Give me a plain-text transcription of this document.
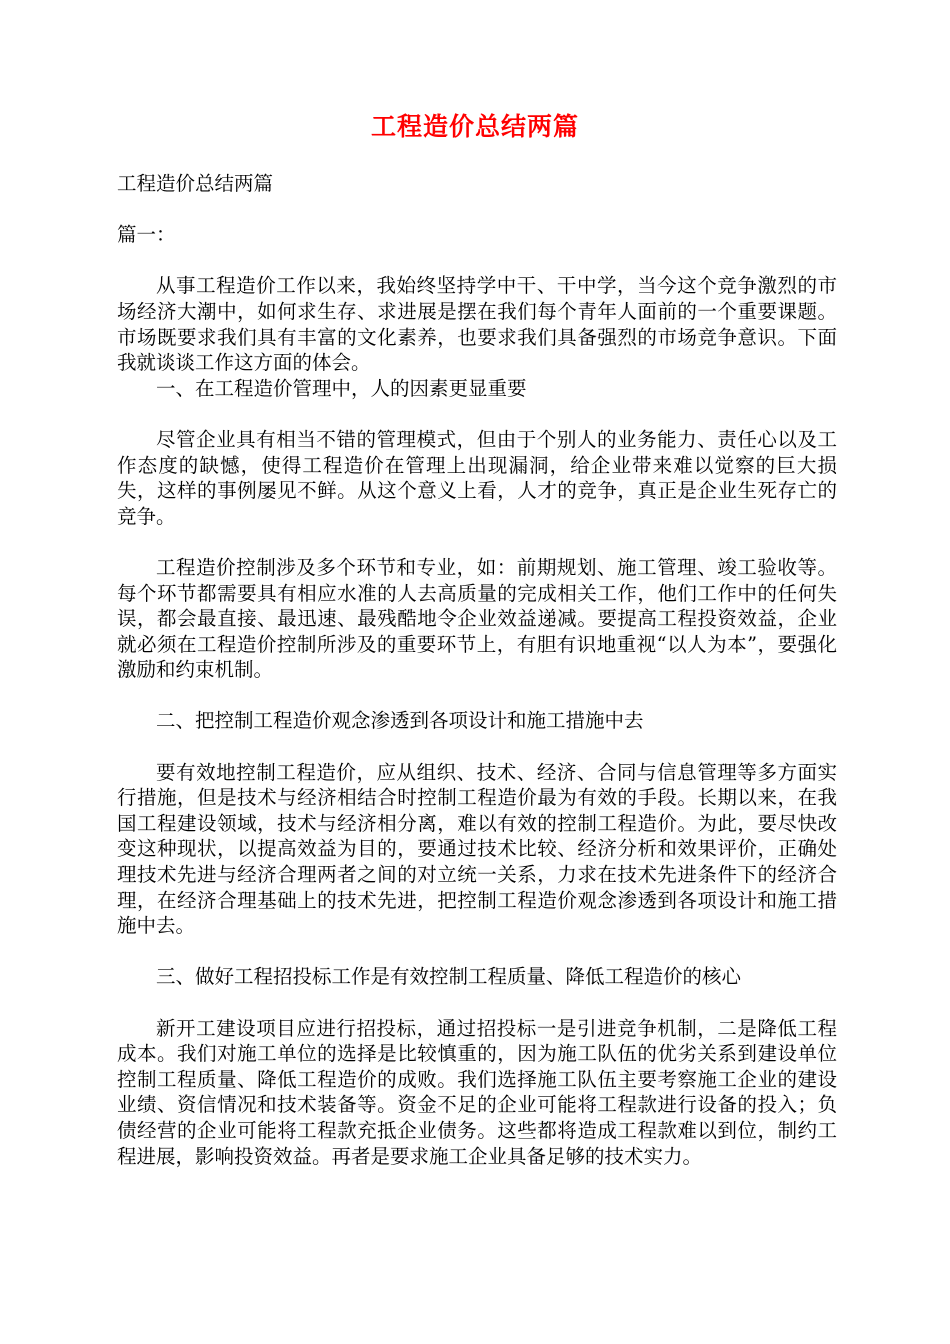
工程造价总结两篇

工程造价总结两篇

篇一：

从事工程造价工作以来，我始终坚持学中干、干中学，当今这个竞争激烈的市场经济大潮中，如何求生存、求进展是摆在我们每个青年人面前的一个重要课题。市场既要求我们具有丰富的文化素养，也要求我们具备强烈的市场竞争意识。下面我就谈谈工作这方面的体会。

一、在工程造价管理中，人的因素更显重要

尽管企业具有相当不错的管理模式，但由于个别人的业务能力、责任心以及工作态度的缺憾，使得工程造价在管理上出现漏洞，给企业带来难以觉察的巨大损失，这样的事例屡见不鲜。从这个意义上看，人才的竞争，真正是企业生死存亡的竞争。

工程造价控制涉及多个环节和专业，如：前期规划、施工管理、竣工验收等。每个环节都需要具有相应水准的人去高质量的完成相关工作，他们工作中的任何失误，都会最直接、最迅速、最残酷地令企业效益递减。要提高工程投资效益，企业就必须在工程造价控制所涉及的重要环节上，有胆有识地重视“以人为本”，要强化激励和约束机制。

二、把控制工程造价观念渗透到各项设计和施工措施中去

要有效地控制工程造价，应从组织、技术、经济、合同与信息管理等多方面实行措施，但是技术与经济相结合时控制工程造价最为有效的手段。长期以来，在我国工程建设领域，技术与经济相分离，难以有效的控制工程造价。为此，要尽快改变这种现状，以提高效益为目的，要通过技术比较、经济分析和效果评价，正确处理技术先进与经济合理两者之间的对立统一关系，力求在技术先进条件下的经济合理，在经济合理基础上的技术先进，把控制工程造价观念渗透到各项设计和施工措施中去。

三、做好工程招投标工作是有效控制工程质量、降低工程造价的核心

新开工建设项目应进行招投标，通过招投标一是引进竞争机制，二是降低工程成本。我们对施工单位的选择是比较慎重的，因为施工队伍的优劣关系到建设单位控制工程质量、降低工程造价的成败。我们选择施工队伍主要考察施工企业的建设业绩、资信情况和技术装备等。资金不足的企业可能将工程款进行设备的投入；负债经营的企业可能将工程款充抵企业债务。这些都将造成工程款难以到位，制约工程进展，影响投资效益。再者是要求施工企业具备足够的技术实力。
